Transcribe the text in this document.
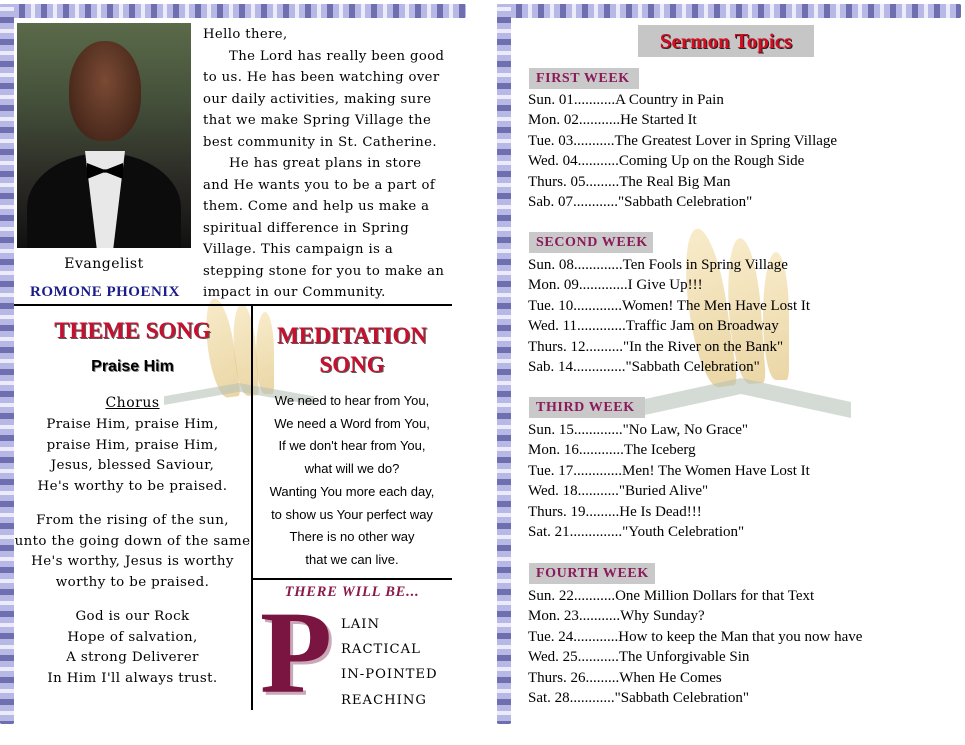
Evangelist
ROMONE PHOENIX

Hello there,

The Lord has really been good to us. He has been watching over our daily activities, making sure that we make Spring Village the best community in St. Catherine.

He has great plans in store and He wants you to be a part of them. Come and help us make a spiritual difference in Spring Village. This campaign is a stepping stone for you to make an impact in our Community.

THEME SONG
Praise Him
Chorus
Praise Him, praise Him,
praise Him, praise Him,
Jesus, blessed Saviour,
He's worthy to be praised.
From the rising of the sun,
unto the going down of the same
He's worthy, Jesus is worthy
worthy to be praised.
God is our Rock
Hope of salvation,
A strong Deliverer
In Him I'll always trust.
MEDITATION
SONG
We need to hear from You,
We need a Word from You,
If we don't hear from You,
what will we do?
Wanting You more each day,
to show us Your perfect way
There is no other way
that we can live.
THERE WILL BE...
P LAIN
RACTICAL
IN-POINTED
REACHING
Sermon Topics
FIRST WEEK
Sun. 01...........A Country in Pain
Mon. 02...........He Started It
Tue. 03...........The Greatest Lover in Spring Village
Wed. 04...........Coming Up on the Rough Side
Thurs. 05.........The Real Big Man
Sab. 07............"Sabbath Celebration"
SECOND WEEK
Sun. 08.............Ten Fools in Spring Village
Mon. 09.............I Give Up!!!
Tue. 10.............Women! The Men Have Lost It
Wed. 11.............Traffic Jam on Broadway
Thurs. 12.........."In the River on the Bank"
Sab. 14.............."Sabbath Celebration"
THIRD WEEK
Sun. 15............."No Law, No Grace"
Mon. 16............The Iceberg
Tue. 17.............Men! The Women Have Lost It
Wed. 18..........."Buried Alive"
Thurs. 19.........He Is Dead!!!
Sat. 21.............."Youth Celebration"
FOURTH WEEK
Sun. 22...........One Million Dollars for that Text
Mon. 23...........Why Sunday?
Tue. 24............How to keep the Man that you now have
Wed. 25...........The Unforgivable Sin
Thurs. 26.........When He Comes
Sat. 28............"Sabbath Celebration"
